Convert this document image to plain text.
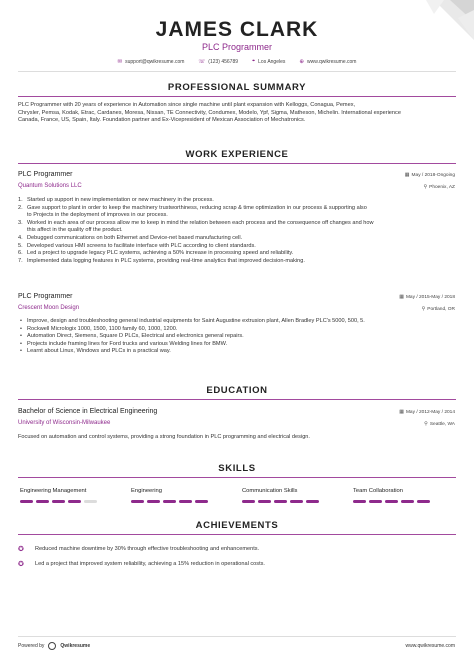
JAMES CLARK
PLC Programmer
✉ support@qwikresume.com	☏ (123) 456789	⌖ Los Angeles	⊕ www.qwikresume.com
PROFESSIONAL SUMMARY
PLC Programmer with 20 years of experience in Automation since single machine until plant expansion with Kelloggs, Conagua, Pemex,
Chrysler, Pemsa, Kodak, Etrac, Cardanes, Moresa, Nissan, TE Connectivity, Condumex, Modelo, Ypf, Sigma, Matheson, Michelin. International experience
Canada, France, US, Spain, Italy. Foundation partner and Ex-Vicepresident of Mexican Association of Mechatronics.
WORK EXPERIENCE
PLC Programmer
Quantum Solutions LLC
▦ May / 2018-Ongoing
⚲ Phoenix, AZ
1. Started up support in new implementation or new machinery in the process.
2. Gave support to plant in order to keep the machinery trustworthiness, reducing scrap & time optimization in our process & supporting also
to Projects in the deployment of improves in our process.
3. Worked in each area of our process allow me to keep in mind the relation between each process and the consequence off changes and how
this affect in the quality off the product.
4. Debugged communications on both Ethernet and Device-net based manufacturing cell.
5. Developed various HMI screens to facilitate interface with PLC according to client standards.
6. Led a project to upgrade legacy PLC systems, achieving a 50% increase in processing speed and reliability.
7. Implemented data logging features in PLC systems, providing real-time analytics that improved decision-making.
PLC Programmer
Crescent Moon Design
▦ May / 2015-May / 2018
⚲ Portland, OR
• Improve, design and troubleshooting general industrial equipments for Saint Augustine extrusion plant, Allen Bradley PLC's 5000, 500, 5.
• Rockwell Micrologix 1000, 1500, 1100 family 60, 1000, 1200.
• Automation Direct, Siemens, Square D PLCs, Electrical and electronics general repairs.
• Projects include framing lines for Ford trucks and various Welding lines for BMW.
• Learnt about Linux, Windows and PLCs in a practical way.
EDUCATION
Bachelor of Science in Electrical Engineering
University of Wisconsin-Milwaukee
▦ May / 2012-May / 2014
⚲ Seattle, WA
Focused on automation and control systems, providing a strong foundation in PLC programming and electrical design.
SKILLS
Engineering Management	Engineering	Communication Skills	Team Collaboration
ACHIEVEMENTS
✪	Reduced machine downtime by 30% through effective troubleshooting and enhancements.
✪	Led a project that improved system reliability, achieving a 15% reduction in operational costs.
Powered by	Qwikresume	www.qwikresume.com
